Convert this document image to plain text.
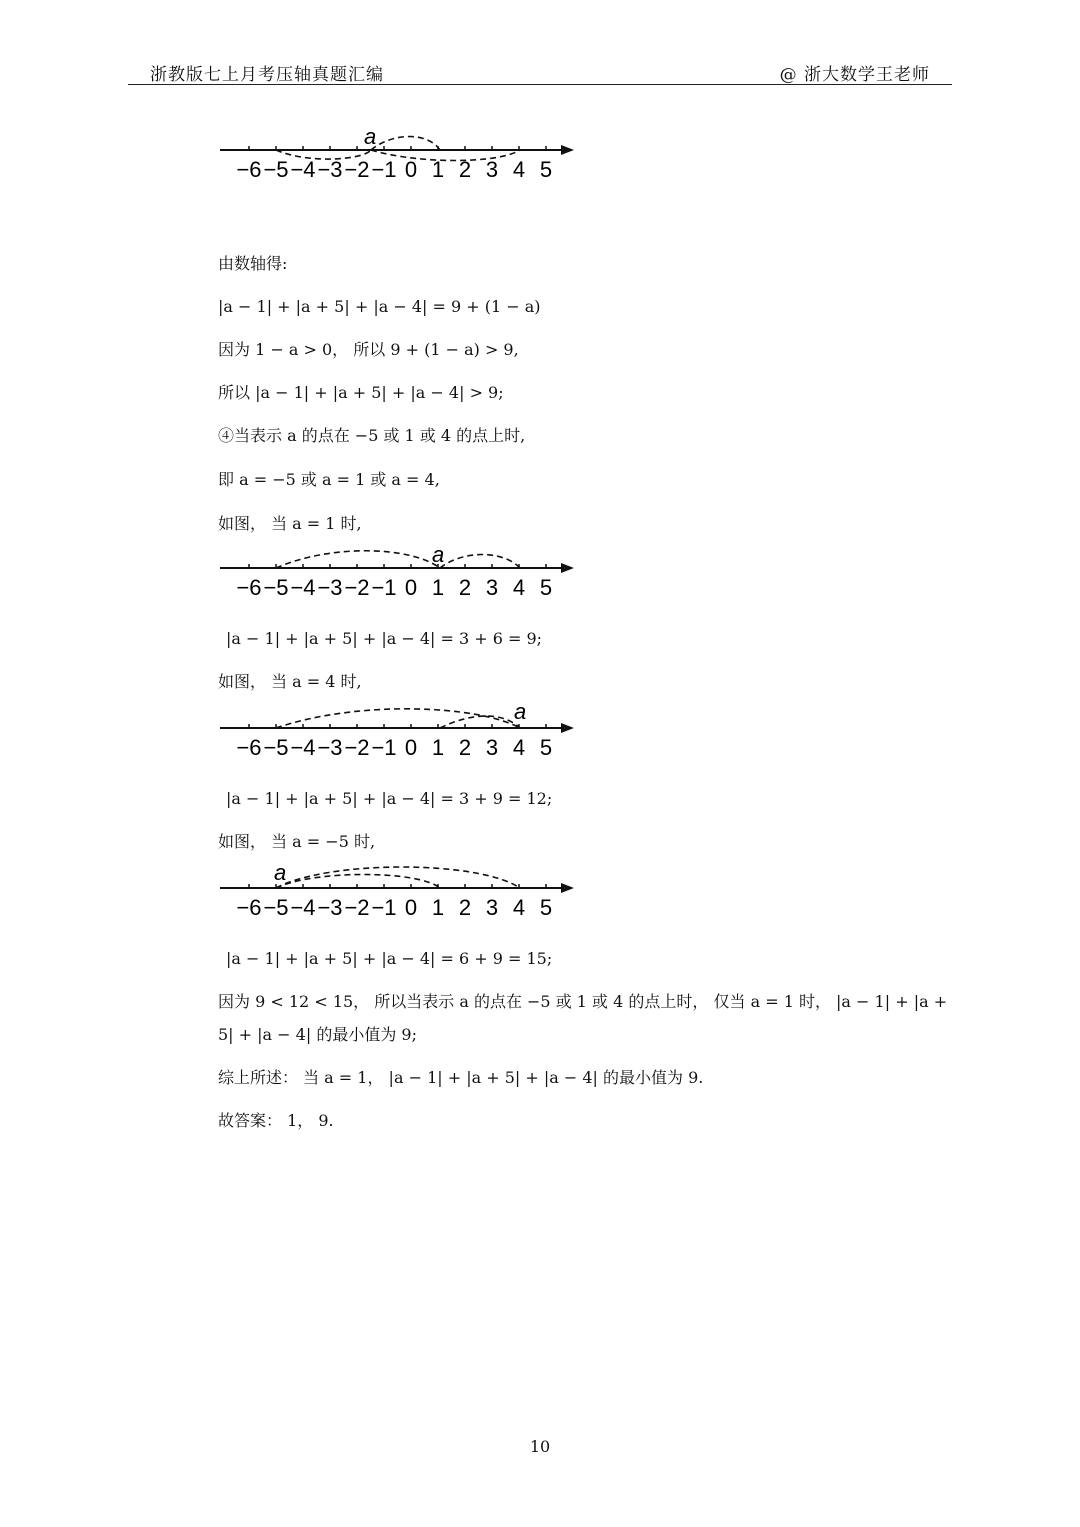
浙教版七上月考压轴真题汇编	@ 浙大数学王老师
−6 −5 −4 −3 −2 −1 0 1 2 3 4 5
a
由数轴得:
|a − 1| + |a + 5| + |a − 4| = 9 + (1 − a)
因为 1 − a > 0， 所以 9 + (1 − a) > 9,
所以 |a − 1| + |a + 5| + |a − 4| > 9;
④当表示 a 的点在 −5 或 1 或 4 的点上时,
即 a = −5 或 a = 1 或 a = 4,
如图， 当 a = 1 时,
−6 −5 −4 −3 −2 −1 0 1 2 3 4 5
a
|a − 1| + |a + 5| + |a − 4| = 3 + 6 = 9;
如图， 当 a = 4 时,
−6 −5 −4 −3 −2 −1 0 1 2 3 4 5
a
|a − 1| + |a + 5| + |a − 4| = 3 + 9 = 12;
如图， 当 a = −5 时,
−6 −5 −4 −3 −2 −1 0 1 2 3 4 5
a
|a − 1| + |a + 5| + |a − 4| = 6 + 9 = 15;
因为 9 < 12 < 15， 所以当表示 a 的点在 −5 或 1 或 4 的点上时， 仅当 a = 1 时， |a − 1| + |a +
5| + |a − 4| 的最小值为 9;
综上所述： 当 a = 1， |a − 1| + |a + 5| + |a − 4| 的最小值为 9.
故答案： 1， 9.
10
